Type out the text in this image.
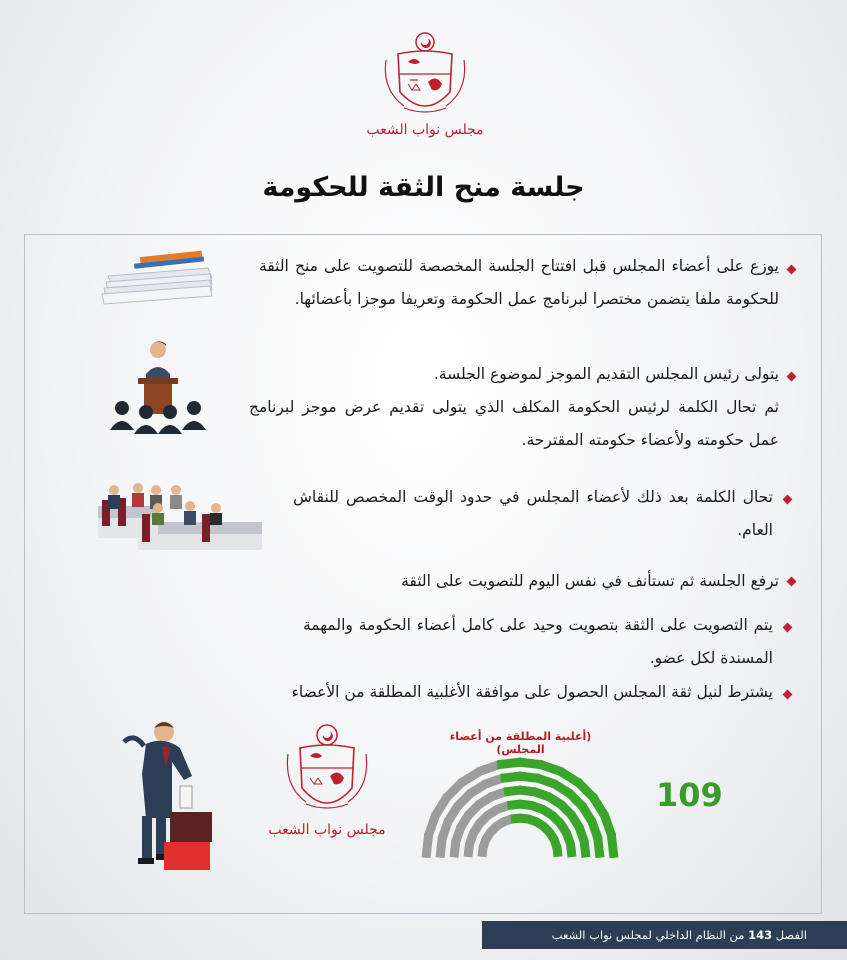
مجلس نواب الشعب
جلسة منح الثقة للحكومة

يوزع على أعضاء المجلس قبل افتتاح الجلسة المخصصة للتصويت على منح الثقة للحكومة ملفا يتضمن مختصرا لبرنامج عمل الحكومة وتعريفا موجزا بأعضائها.

يتولى رئيس المجلس التقديم الموجز لموضوع الجلسة.

ثم تحال الكلمة لرئيس الحكومة المكلف الذي يتولى تقديم عرض موجز لبرنامج عمل حكومته ولأعضاء حكومته المقترحة.

تحال الكلمة بعد ذلك لأعضاء المجلس في حدود الوقت المخصص للنقاش العام.

ترفع الجلسة ثم تستأنف في نفس اليوم للتصويت على الثقة

يتم التصويت على الثقة بتصويت وحيد على كامل أعضاء الحكومة والمهمة المسندة لكل عضو.

يشترط لنيل ثقة المجلس الحصول على موافقة الأغلبية المطلقة من الأعضاء

مجلس نواب الشعب
(أغلبية المطلقة من أعضاء المجلس)
109
الفصل 143 من النظام الداخلي لمجلس نواب الشعب
